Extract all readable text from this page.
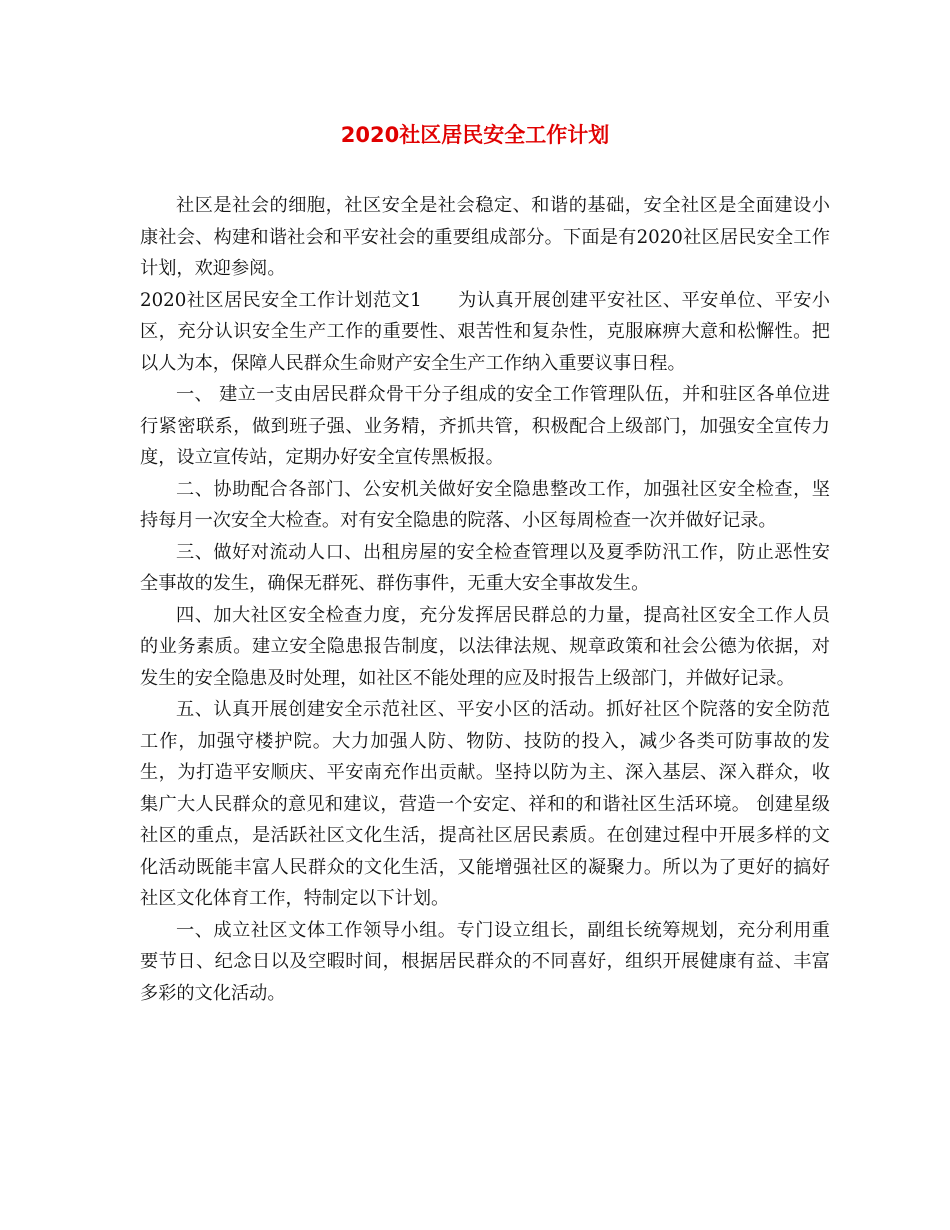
2020社区居民安全工作计划

社区是社会的细胞，社区安全是社会稳定、和谐的基础，安全社区是全面建设小康社会、构建和谐社会和平安社会的重要组成部分。下面是有2020社区居民安全工作计划，欢迎参阅。

2020社区居民安全工作计划范文1 为认真开展创建平安社区、平安单位、平安小区，充分认识安全生产工作的重要性、艰苦性和复杂性，克服麻痹大意和松懈性。把以人为本，保障人民群众生命财产安全生产工作纳入重要议事日程。

一、 建立一支由居民群众骨干分子组成的安全工作管理队伍，并和驻区各单位进行紧密联系，做到班子强、业务精，齐抓共管，积极配合上级部门，加强安全宣传力度，设立宣传站，定期办好安全宣传黑板报。

二、协助配合各部门、公安机关做好安全隐患整改工作，加强社区安全检查，坚持每月一次安全大检查。对有安全隐患的院落、小区每周检查一次并做好记录。

三、做好对流动人口、出租房屋的安全检查管理以及夏季防汛工作，防止恶性安全事故的发生，确保无群死、群伤事件，无重大安全事故发生。

四、加大社区安全检查力度，充分发挥居民群总的力量，提高社区安全工作人员的业务素质。建立安全隐患报告制度，以法律法规、规章政策和社会公德为依据，对发生的安全隐患及时处理，如社区不能处理的应及时报告上级部门，并做好记录。

五、认真开展创建安全示范社区、平安小区的活动。抓好社区个院落的安全防范工作，加强守楼护院。大力加强人防、物防、技防的投入，减少各类可防事故的发生，为打造平安顺庆、平安南充作出贡献。坚持以防为主、深入基层、深入群众，收集广大人民群众的意见和建议，营造一个安定、祥和的和谐社区生活环境。 创建星级社区的重点，是活跃社区文化生活，提高社区居民素质。在创建过程中开展多样的文化活动既能丰富人民群众的文化生活，又能增强社区的凝聚力。所以为了更好的搞好社区文化体育工作，特制定以下计划。

一、成立社区文体工作领导小组。专门设立组长，副组长统筹规划，充分利用重要节日、纪念日以及空暇时间，根据居民群众的不同喜好，组织开展健康有益、丰富多彩的文化活动。
